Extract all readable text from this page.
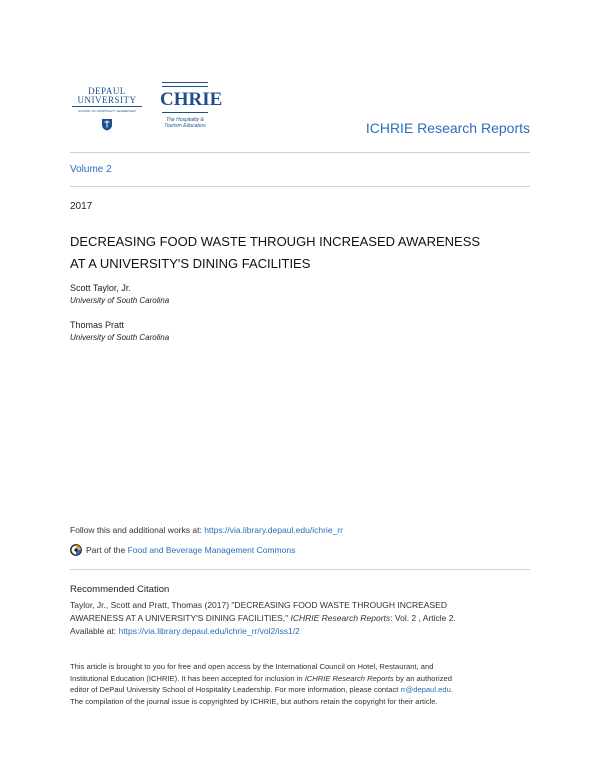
DEPAUL
UNIVERSITY
SCHOOL OF HOSPITALITY LEADERSHIP
CHRIE
The Hospitality &
Tourism Educators	ICHRIE Research Reports
Volume 2
2017
DECREASING FOOD WASTE THROUGH INCREASED AWARENESS
AT A UNIVERSITY'S DINING FACILITIES
Scott Taylor, Jr.
University of South Carolina
Thomas Pratt
University of South Carolina
Follow this and additional works at: https://via.library.depaul.edu/ichrie_rr
Part of the
Food and Beverage Management Commons
Recommended Citation
Taylor, Jr., Scott and Pratt, Thomas (2017) "DECREASING FOOD WASTE THROUGH INCREASED
AWARENESS AT A UNIVERSITY'S DINING FACILITIES," ICHRIE Research Reports: Vol. 2 , Article 2.
Available at: https://via.library.depaul.edu/ichrie_rr/vol2/iss1/2
This article is brought to you for free and open access by the International Council on Hotel, Restaurant, and
Institutional Education (ICHRIE). It has been accepted for inclusion in ICHRIE Research Reports by an authorized
editor of DePaul University School of Hospitality Leadership. For more information, please contact rr@depaul.edu.
The compilation of the journal issue is copyrighted by ICHRIE, but authors retain the copyright for their article.
